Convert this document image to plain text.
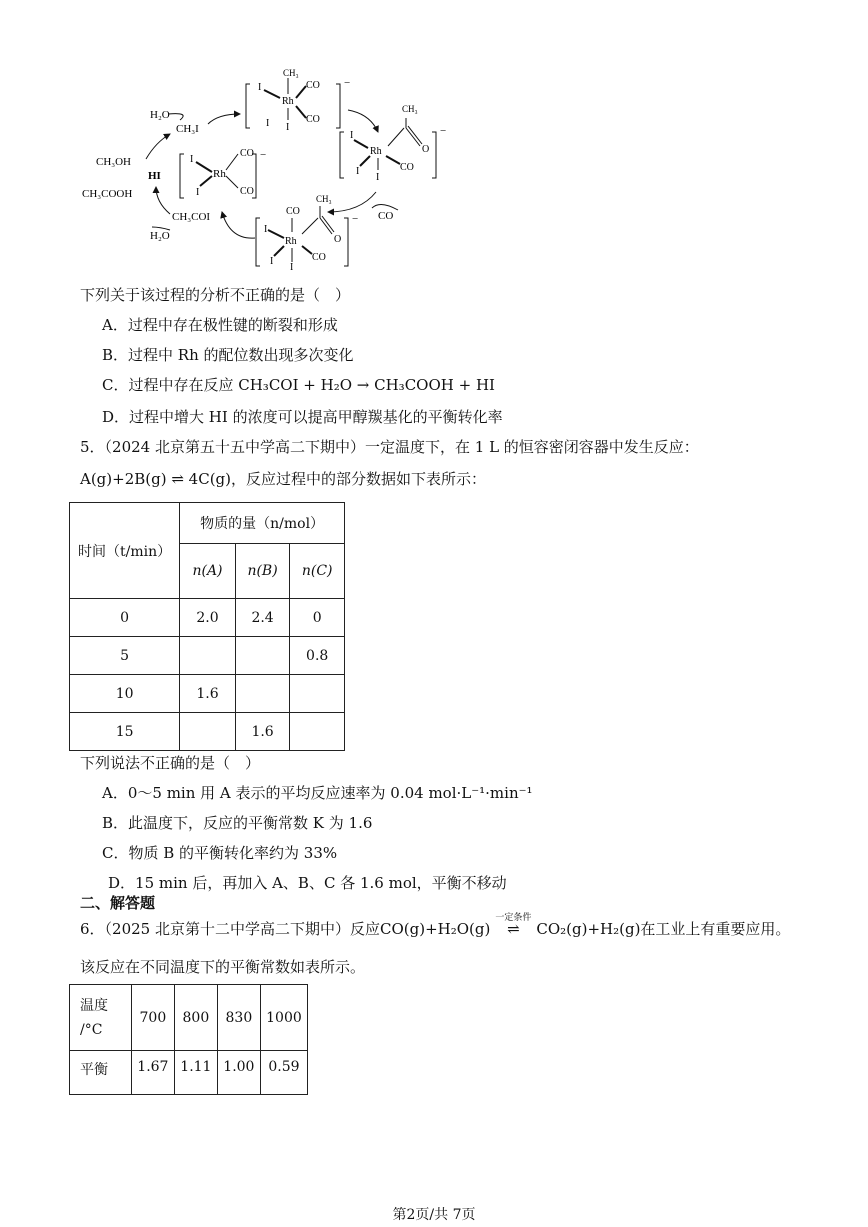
H₂O
CH₃I
CH₃OH
HI
CH₃COOH
CH₃COI
H₂O
CO
−
Rh
I
I
CO
CO
−
CH₃
CO
Rh
I
I	CO
I	−
CH₃
Rh
I
I	CO
O
I
−
CO
CH₃
Rh
I
I
I
CO
O
下列关于该过程的分析不正确的是（　）
A．过程中存在极性键的断裂和形成
B．过程中 Rh 的配位数出现多次变化
C．过程中存在反应 CH₃COI + H₂O → CH₃COOH + HI
D．过程中增大 HI 的浓度可以提高甲醇羰基化的平衡转化率
5．（2024 北京第五十五中学高二下期中）一定温度下，在 1 L 的恒容密闭容器中发生反应：
A(g)+2B(g) ⇌ 4C(g)，反应过程中的部分数据如下表所示：
时间（t/min）	物质的量（n/mol）		
	n(A)	n(B)	n(C)
0	2.0	2.4	0
5			0.8
10	1.6		
15		1.6	
下列说法不正确的是（　）
A．0～5 min 用 A 表示的平均反应速率为 0.04 mol·L⁻¹·min⁻¹
B．此温度下，反应的平衡常数 K 为 1.6
C．物质 B 的平衡转化率约为 33%
D．15 min 后，再加入 A、B、C 各 1.6 mol，平衡不移动
二、解答题
6．（2025 北京第十二中学高二下期中）反应CO(g)+H₂O(g)
一定条件
⇌ CO₂(g)+H₂(g)在工业上有重要应用。
该反应在不同温度下的平衡常数如表所示。
温度
/°C	700	800	830	1000
平衡	1.67	1.11	1.00	0.59
第2页/共 7页
